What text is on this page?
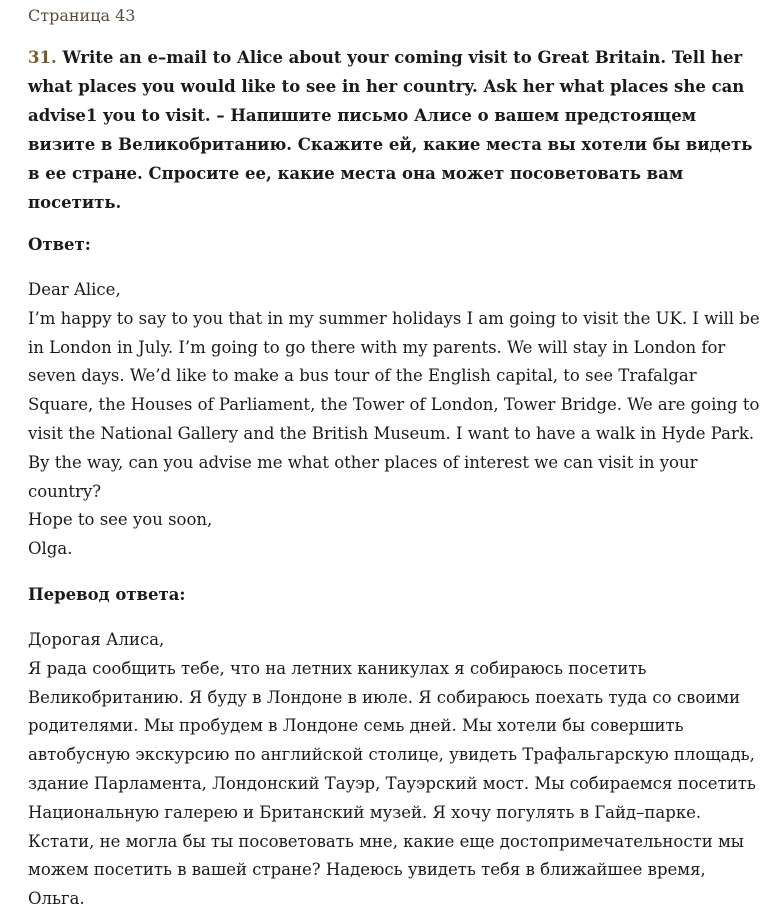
Страница 43
31. Write an e–mail to Alice about your coming visit to Great Britain. Tell her what places you would like to see in her country. Ask her what places she can advise1 you to visit. – Напишите письмо Алисе о вашем предстоящем визите в Великобританию. Скажите ей, какие места вы хотели бы видеть в ее стране. Спросите ее, какие места она может посоветовать вам посетить.
Ответ:

Dear Alice,

I’m happy to say to you that in my summer holidays I am going to visit the UK. I will be in London in July. I’m going to go there with my parents. We will stay in London for seven days. We’d like to make a bus tour of the English capital, to see Trafalgar Square, the Houses of Parliament, the Tower of London, Tower Bridge. We are going to visit the National Gallery and the British Museum. I want to have a walk in Hyde Park. By the way, can you advise me what other places of interest we can visit in your country?

Hope to see you soon,

Olga.

Перевод ответа:

Дорогая Алиса,

Я рада сообщить тебе, что на летних каникулах я собираюсь посетить Великобританию. Я буду в Лондоне в июле. Я собираюсь поехать туда со своими родителями. Мы пробудем в Лондоне семь дней. Мы хотели бы совершить автобусную экскурсию по английской столице, увидеть Трафальгарскую площадь, здание Парламента, Лондонский Тауэр, Тауэрский мост. Мы собираемся посетить Национальную галерею и Британский музей. Я хочу погулять в Гайд–парке. Кстати, не могла бы ты посоветовать мне, какие еще достопримечательности мы можем посетить в вашей стране? Надеюсь увидеть тебя в ближайшее время,

Ольга.
